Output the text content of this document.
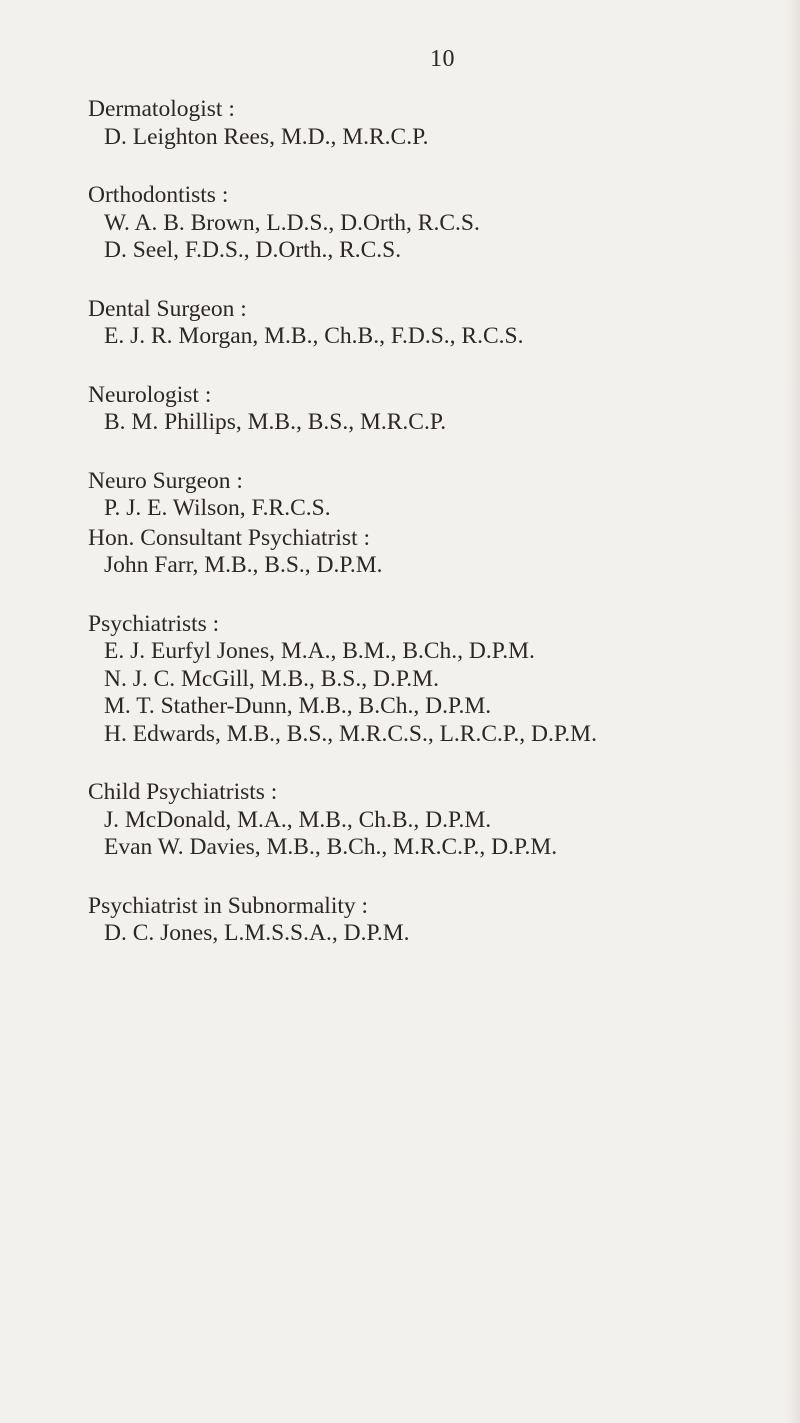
10
Dermatologist :
D. Leighton Rees, M.D., M.R.C.P.
Orthodontists :
W. A. B. Brown, L.D.S., D.Orth, R.C.S.
D. Seel, F.D.S., D.Orth., R.C.S.
Dental Surgeon :
E. J. R. Morgan, M.B., Ch.B., F.D.S., R.C.S.
Neurologist :
B. M. Phillips, M.B., B.S., M.R.C.P.
Neuro Surgeon :
P. J. E. Wilson, F.R.C.S.
Hon. Consultant Psychiatrist :
John Farr, M.B., B.S., D.P.M.
Psychiatrists :
E. J. Eurfyl Jones, M.A., B.M., B.Ch., D.P.M.
N. J. C. McGill, M.B., B.S., D.P.M.
M. T. Stather-Dunn, M.B., B.Ch., D.P.M.
H. Edwards, M.B., B.S., M.R.C.S., L.R.C.P., D.P.M.
Child Psychiatrists :
J. McDonald, M.A., M.B., Ch.B., D.P.M.
Evan W. Davies, M.B., B.Ch., M.R.C.P., D.P.M.
Psychiatrist in Subnormality :
D. C. Jones, L.M.S.S.A., D.P.M.
